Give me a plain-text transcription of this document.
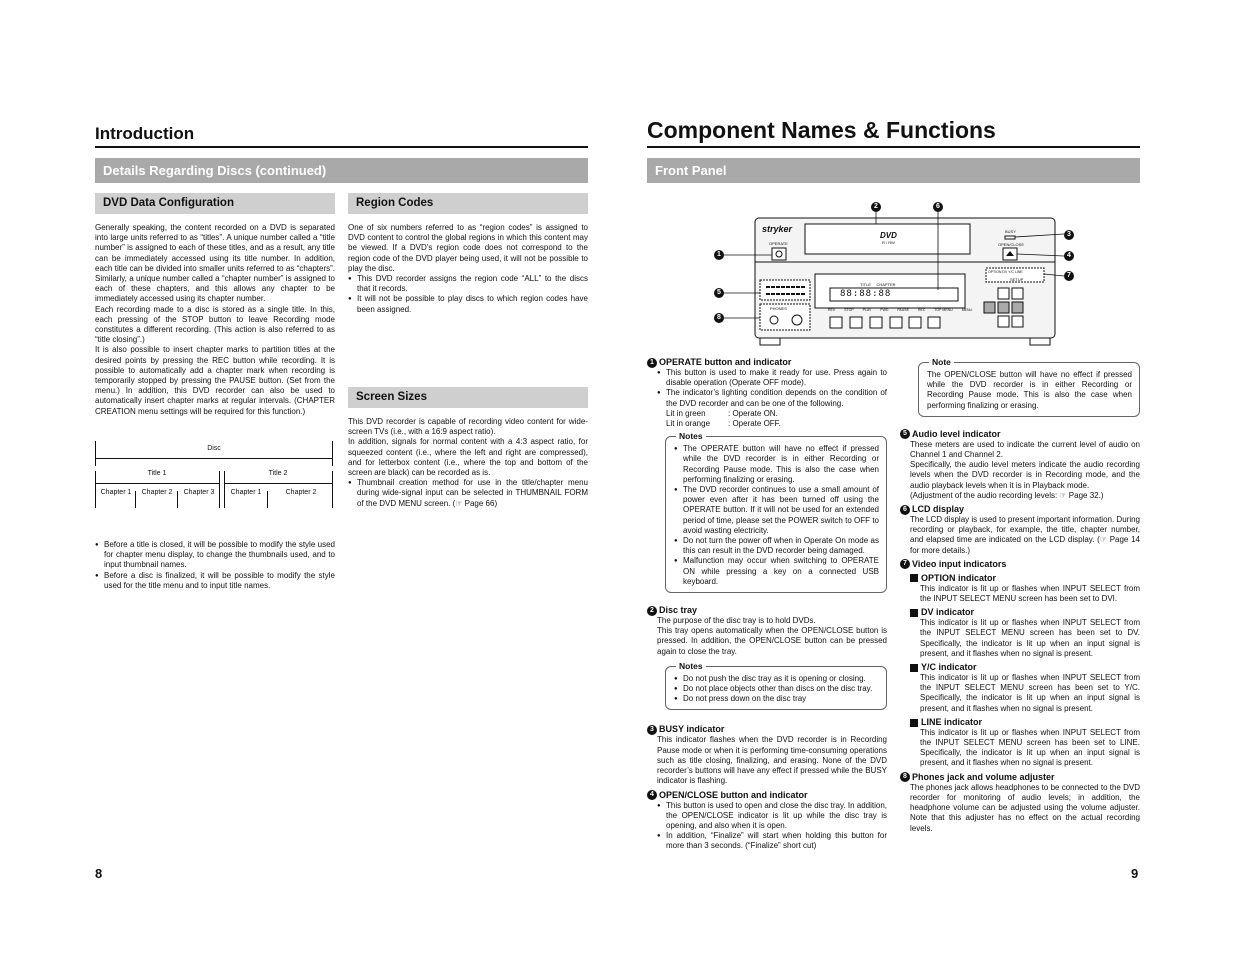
Introduction
Details Regarding Discs (continued)
DVD Data Configuration

Generally speaking, the content recorded on a DVD is separated into large units referred to as “titles”. A unique number called a “title number” is assigned to each of these titles, and as a result, any title can be immediately accessed using its title number. In addition, each title can be divided into smaller units referred to as “chapters”. Similarly, a unique number called a “chapter number” is assigned to each of these chapters, and this allows any chapter to be immediately accessed using its chapter number.

Each recording made to a disc is stored as a single title. In this, each pressing of the STOP button to leave Recording mode constitutes a different recording. (This action is also referred to as “title closing”.)

It is also possible to insert chapter marks to partition titles at the desired points by pressing the REC button while recording. It is possible to automatically add a chapter mark when recording is temporarily stopped by pressing the PAUSE button. (Set from the menu.) In addition, this DVD recorder can also be used to automatically insert chapter marks at regular intervals. (CHAPTER CREATION menu settings will be required for this function.)

Disc
Title 1
Chapter 1	Chapter 2	Chapter 3
Title 2
Chapter 1	Chapter 2
● Before a title is closed, it will be possible to modify the style used for chapter menu display, to change the thumbnails used, and to input thumbnail names.
● Before a disc is finalized, it will be possible to modify the style used for the title menu and to input title names.
Region Codes

One of six numbers referred to as “region codes” is assigned to DVD content to control the global regions in which this content may be viewed. If a DVD’s region code does not correspond to the region code of the DVD player being used, it will not be possible to play the disc.

● This DVD recorder assigns the region code “ALL” to the discs that it records.
● It will not be possible to play discs to which region codes have been assigned.
Screen Sizes

This DVD recorder is capable of recording video content for wide-screen TVs (i.e., with a 16:9 aspect ratio).

In addition, signals for normal content with a 4:3 aspect ratio, for squeezed content (i.e., where the left and right are compressed), and for letterbox content (i.e., where the top and bottom of the screen are black) can be recorded as is.

● Thumbnail creation method for use in the title/chapter menu during wide-signal input can be selected in THUMBNAIL FORM of the DVD MENU screen. (☞ Page 66)
8
Component Names & Functions
Front Panel
stryker
DVD
R / RW
OPERATE
BUSY
OPEN/CLOSE
OPTION DV Y/C LINE
SETUP
PHONES
TITLE     CHAPTER
88:88:88
REV	STOP	PLAY	FWD	PAUSE	REC	TOP MENU	MENU
1
2
3
4
5
6
7
8
1 OPERATE button and indicator
● This button is used to make it ready for use. Press again to disable operation (Operate OFF mode).
● The indicator’s lighting condition depends on the condition of the DVD recorder and can be one of the following.
Lit in green	: Operate ON.
Lit in orange : Operate OFF.
Notes
● The OPERATE button will have no effect if pressed while the DVD recorder is in either Recording or Recording Pause mode. This is also the case when performing finalizing or erasing.
● The DVD recorder continues to use a small amount of power even after it has been turned off using the OPERATE button. If it will not be used for an extended period of time, please set the POWER switch to OFF to avoid wasting electricity.
● Do not turn the power off when in Operate On mode as this can result in the DVD recorder being damaged.
● Malfunction may occur when switching to OPERATE ON while pressing a key on a connected USB keyboard.
2 Disc tray

The purpose of the disc tray is to hold DVDs.

This tray opens automatically when the OPEN/CLOSE button is pressed. In addition, the OPEN/CLOSE button can be pressed again to close the tray.

Notes
● Do not push the disc tray as it is opening or closing.
● Do not place objects other than discs on the disc tray.
● Do not press down on the disc tray
3 BUSY indicator
This indicator flashes when the DVD recorder is in Recording Pause mode or when it is performing time-consuming operations such as title closing, finalizing, and erasing. None of the DVD recorder’s buttons will have any effect if pressed while the BUSY indicator is flashing.
4 OPEN/CLOSE button and indicator
● This button is used to open and close the disc tray. In addition, the OPEN/CLOSE indicator is lit up while the disc tray is opening, and also when it is open.
● In addition, “Finalize” will start when holding this button for more than 3 seconds. (“Finalize” short cut)
Note
The OPEN/CLOSE button will have no effect if pressed while the DVD recorder is in either Recording or Recording Pause mode. This is also the case when performing finalizing or erasing.
5 Audio level indicator

These meters are used to indicate the current level of audio on Channel 1 and Channel 2.

Specifically, the audio level meters indicate the audio recording levels when the DVD recorder is in Recording mode, and the audio playback levels when it is in Playback mode.

(Adjustment of the audio recording levels: ☞ Page 32.)

6 LCD display
The LCD display is used to present important information. During recording or playback, for example, the title, chapter number, and elapsed time are indicated on the LCD display. (☞ Page 14 for more details.)
7 Video input indicators
OPTION indicator
This indicator is lit up or flashes when INPUT SELECT from the INPUT SELECT MENU screen has been set to DVI.
DV indicator
This indicator is lit up or flashes when INPUT SELECT from the INPUT SELECT MENU screen has been set to DV. Specifically, the indicator is lit up when an input signal is present, and it flashes when no signal is present.
Y/C indicator
This indicator is lit up or flashes when INPUT SELECT from the INPUT SELECT MENU screen has been set to Y/C. Specifically, the indicator is lit up when an input signal is present, and it flashes when no signal is present.
LINE indicator
This indicator is lit up or flashes when INPUT SELECT from the INPUT SELECT MENU screen has been set to LINE. Specifically, the indicator is lit up when an input signal is present, and it flashes when no signal is present.
8 Phones jack and volume adjuster
The phones jack allows headphones to be connected to the DVD recorder for monitoring of audio levels; in addition, the headphone volume can be adjusted using the volume adjuster. Note that this adjuster has no effect on the actual recording levels.
9
